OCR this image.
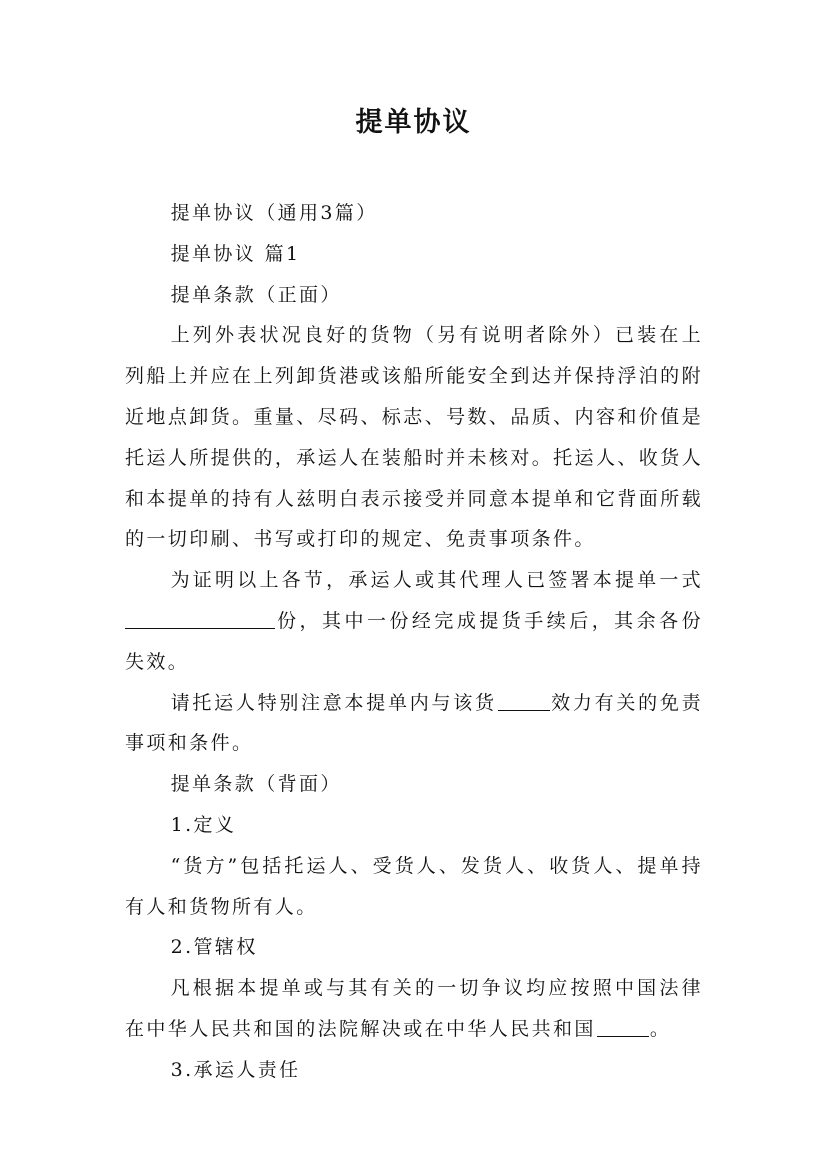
提单协议

提单协议（通用3篇）

提单协议 篇1

提单条款（正面）

上列外表状况良好的货物（另有说明者除外）已装在上列船上并应在上列卸货港或该船所能安全到达并保持浮泊的附近地点卸货。重量、尽码、标志、号数、品质、内容和价值是托运人所提供的，承运人在装船时并未核对。托运人、收货人和本提单的持有人兹明白表示接受并同意本提单和它背面所载的一切印刷、书写或打印的规定、免责事项条件。

为证明以上各节，承运人或其代理人已签署本提单一式份，其中一份经完成提货手续后，其余各份失效。

请托运人特别注意本提单内与该货	效力有关的免责事项和条件。

提单条款（背面）

1.定义

“货方”包括托运人、受货人、发货人、收货人、提单持有人和货物所有人。

2.管辖权

凡根据本提单或与其有关的一切争议均应按照中国法律在中华人民共和国的法院解决或在中华人民共和国	。

3.承运人责任
